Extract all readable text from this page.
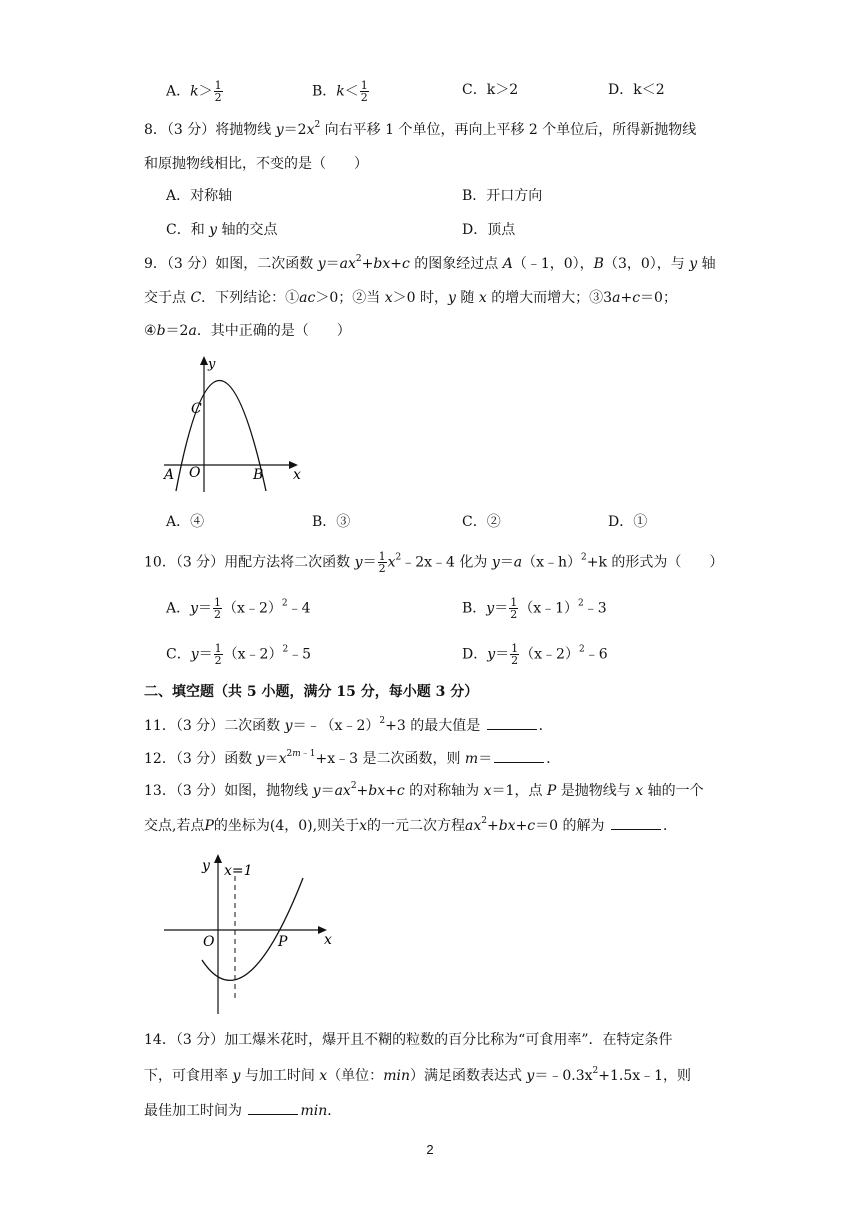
A．$k> \frac{1}{2}$	B．$k< \frac{1}{2}$	C．k＞2	D．k＜2
8．（3 分）将抛物线 $y=2x^2$ 向右平移 1 个单位，再向上平移 2 个单位后，所得新抛物线
和原抛物线相比，不变的是（　　）
A．对称轴	B．开口方向
C．和 y 轴的交点	D．顶点
9．（3 分）如图，二次函数 $y=ax^2+bx+c$ 的图象经过点 A（﹣1，0），B（3，0），与 y 轴
交于点 C．下列结论：①ac＞0；②当 x＞0 时，y 随 x 的增大而增大；③3a+c＝0；
④b＝2a．其中正确的是（　　）
y
x
C
A O	B
A．④	B．③	C．②	D．①
10．（3 分）用配方法将二次函数 $y= \frac{1}{2}$ $x^2﹣2x﹣4$ 化为 y＝a（x﹣h）$^2$+k 的形式为（　　）
A．$y= \frac{1}{2}$ （x﹣2）$^2$﹣4	B．$y= \frac{1}{2}$ （x﹣1）$^2$﹣3
C．$y= \frac{1}{2}$ （x﹣2）$^2$﹣5	D．$y= \frac{1}{2}$ （x﹣2）$^2$﹣6
二、填空题（共 5 小题，满分 15 分，每小题 3 分）
11．（3 分）二次函数 y＝﹣（x﹣2）$^2$+3 的最大值是	．
12．（3 分）函数 $y=x^{2m﹣1}+x﹣3$ 是二次函数，则 m＝	．
13．（3 分）如图，抛物线 $y=ax^2+bx+c$ 的对称轴为 x＝1，点 P 是抛物线与 x 轴的一个
交点,若点P的坐标为(4，0),则关于x的一元二次方程$ax^2+bx+c=0$ 的解为	．
y x=1
O	P	x
14．（3 分）加工爆米花时，爆开且不糊的粒数的百分比称为“可食用率”．在特定条件
下，可食用率 y 与加工时间 x（单位：min）满足函数表达式 $y=﹣0.3x^2+1.5x﹣1$，则
最佳加工时间为	min．
2
